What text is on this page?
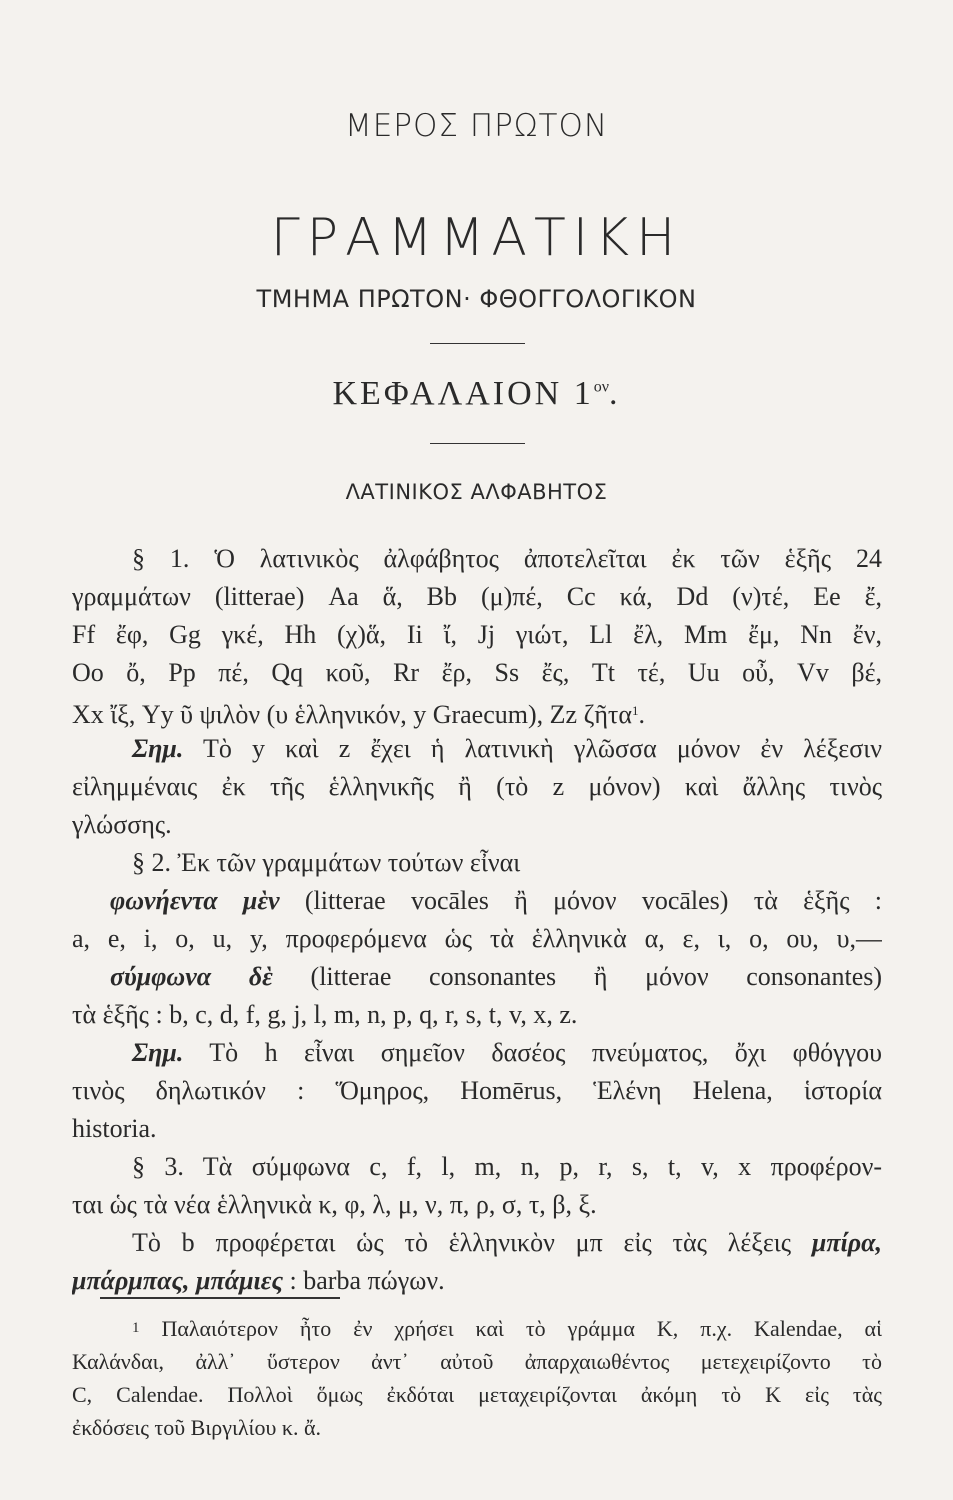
ΜΕΡΟΣ ΠΡΩΤΟΝ
ΓΡΑΜΜΑΤΙΚΗ
ΤΜΗΜΑ ΠΡΩΤΟΝ· ΦΘΟΓΓΟΛΟΓΙΚΟΝ
ΚΕΦΑΛΑΙΟΝ $1^{o\nu}$.
ΛΑΤΙΝΙΚΟΣ ΑΛΦΑΒΗΤΟΣ
§ 1. Ὁ λατινικὸς ἀλφάβητος ἀποτελεῖται ἐκ τῶν ἑξῆς 24
γραμμάτων (litterae) Aa ἅ, Bb (μ)πέ, Cc κά, Dd (ν)τέ, Ee ἔ,
Ff ἔφ, Gg γκέ, Hh (χ)ἅ, Ii ἴ, Jj γιώτ, Ll ἔλ, Mm ἔμ, Nn ἔν,
Oo ὄ, Pp πέ, Qq κοῦ, Rr ἔρ, Ss ἔς, Tt τέ, Uu οὖ, Vv βέ,
Xx ἴξ, Yy ῦ ψιλὸν (υ ἑλληνικόν, y Graecum), Zz ζῆτα$^1$.
Σημ. Τὸ y καὶ z ἔχει ἡ λατινικὴ γλῶσσα μόνον ἐν λέξεσιν
εἰλημμέναις ἐκ τῆς ἑλληνικῆς ἢ (τὸ z μόνον) καὶ ἄλλης τινὸς
γλώσσης.
§ 2. Ἐκ τῶν γραμμάτων τούτων εἶναι
φωνήεντα μὲν (litterae vocāles ἢ μόνον vocāles) τὰ ἑξῆς :
a, e, i, o, u, y, προφερόμενα ὡς τὰ ἑλληνικὰ α, ε, ι, ο, ου, υ,—
σύμφωνα δὲ (litterae consonantes ἢ μόνον consonantes)
τὰ ἑξῆς : b, c, d, f, g, j, l, m, n, p, q, r, s, t, v, x, z.
Σημ. Τὸ h εἶναι σημεῖον δασέος πνεύματος, ὄχι φθόγγου
τινὸς δηλωτικόν : Ὅμηρος, Homērus, Ἑλένη Helena, ἱστορία
historia.
§ 3. Τὰ σύμφωνα c, f, l, m, n, p, r, s, t, v, x προφέρον-
ται ὡς τὰ νέα ἑλληνικὰ κ, φ, λ, μ, ν, π, ρ, σ, τ, β, ξ.
Τὸ b προφέρεται ὡς τὸ ἑλληνικὸν μπ εἰς τὰς λέξεις μπίρα,
μπάρμπας, μπάμιες : barba πώγων.
1 Παλαιότερον ἦτο ἐν χρήσει καὶ τὸ γράμμα K, π.χ. Kalendae, αἱ
Καλάνδαι, ἀλλ᾽ ὕστερον ἀντ᾽ αὐτοῦ ἀπαρχαιωθέντος μετεχειρίζοντο τὸ
C, Calendae. Πολλοὶ ὅμως ἐκδόται μεταχειρίζονται ἀκόμη τὸ K εἰς τὰς
ἐκδόσεις τοῦ Βιργιλίου κ. ἄ.
